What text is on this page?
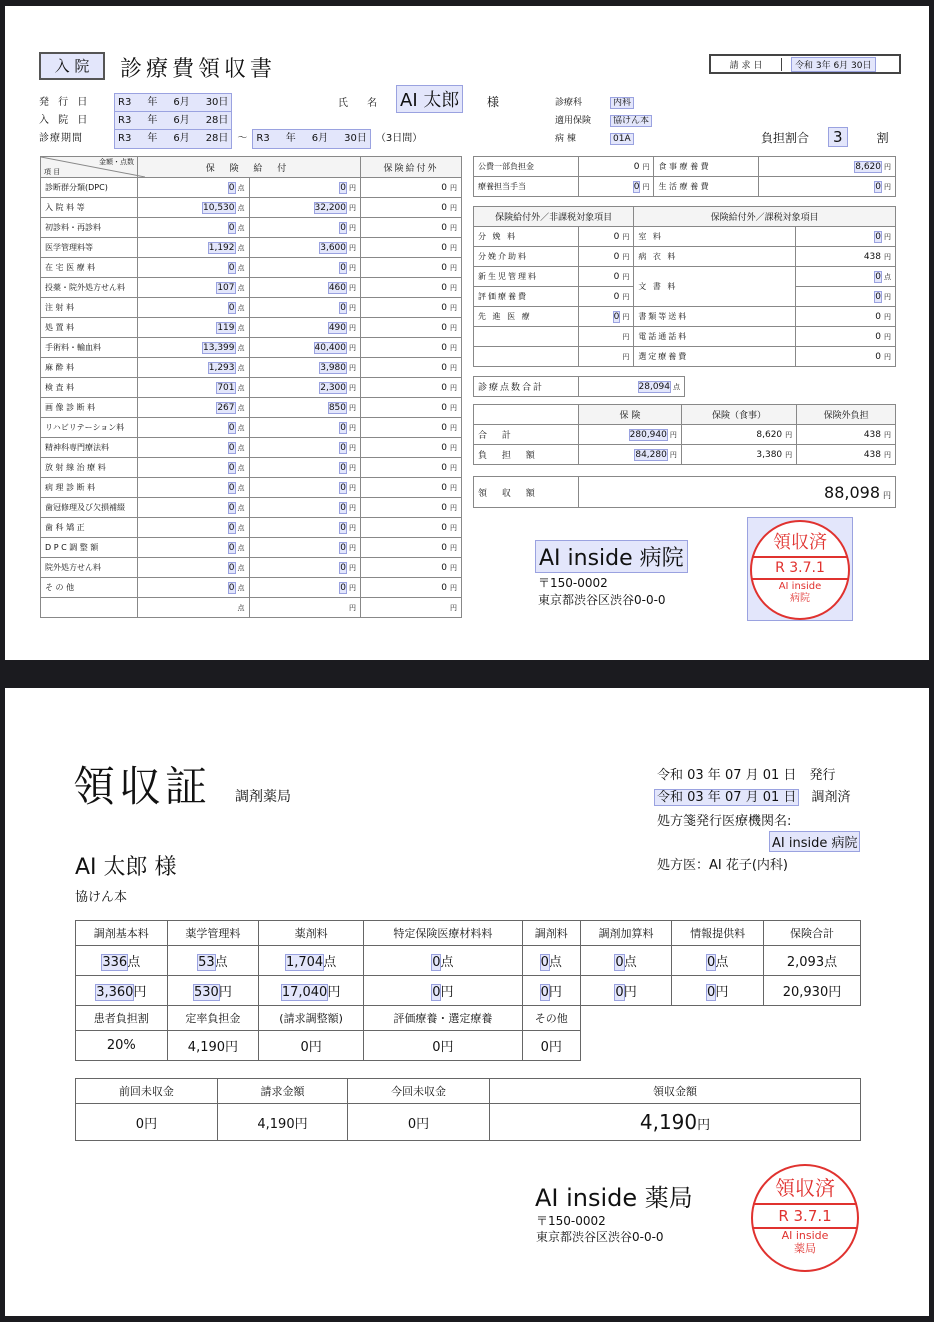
入 院	診療費領収書	請 求 日	令和 3年 6月 30日
発 行 日	R3 年 6月 30日
入 院 日	R3 年 6月 28日
診療期間	R3 年 6月 28日 ～ R3 年 6月 30日 （3日間）
氏 名 AI 太郎 様	診療科	内科
適用保険 協けん本
病 棟	01A	負担割合 3	割
金額・点数
項 目	保 険 給 付		保険給付外
診断群分類(DPC)	0 点	0 円	0 円
入 院 料 等	10,530 点	32,200 円	0 円
初診料・再診料	0 点	0 円	0 円
医学管理料等	1,192 点	3,600 円	0 円
在 宅 医 療 料	0 点	0 円	0 円
投薬・院外処方せん料	107 点	460 円	0 円
注 射 料	0 点	0 円	0 円
処 置 料	119 点	490 円	0 円
手術料・輸血料	13,399 点	40,400 円	0 円
麻 酔 料	1,293 点	3,980 円	0 円
検 査 料	701 点	2,300 円	0 円
画 像 診 断 料	267 点	850 円	0 円
リハビリテーション料	0 点	0 円	0 円
精神科専門療法料	0 点	0 円	0 円
放 射 線 治 療 料	0 点	0 円	0 円
病 理 診 断 料	0 点	0 円	0 円
歯冠修理及び欠損補綴	0 点	0 円	0 円
歯 科 矯 正	0 点	0 円	0 円
D P C 調 整 額	0 点	0 円	0 円
院外処方せん料	0 点	0 円	0 円
そ の 他	0 点	0 円	0 円
	点	円	円
公費一部負担金	0 円	食 事 療 養 費	8,620 円
療養担当手当	0 円	生 活 療 養 費	0 円
保険給付外／非課税対象項目		保険給付外／課税対象項目	
分 娩 料	0 円	室 料	0 円
分娩介助料	0 円	病 衣 料	438 円
新生児管理料	0 円	文 書 料	0 点
評価療養費	0 円		0 円
先 進 医 療	0 円	書類等送料	0 円
	円	電話通話料	0 円
	円	選定療養費	0 円
診療点数合計	28,094 点
	保 険	保険（食事）	保険外負担
合 計	280,940 円	8,620 円	438 円
負 担 額	84,280 円	3,380 円	438 円
領 収 額	88,098 円
AI inside 病院
〒150-0002
東京都渋谷区渋谷0-0-0
領収済
R 3.7.1
AI inside
病院
領収証 調剤薬局
令和 03 年 07 月 01 日　 発行
令和 03 年 07 月 01 日　 調剤済
処方箋発行医療機関名:
AI inside 病院
処方医：AI 花子(内科)
AI 太郎 様
協けん本
調剤基本料	薬学管理料	薬剤料	特定保険医療材料料	調剤料	調剤加算料	情報提供料	保険合計
336点	53点	1,704点	0点	0点	0点	0点	2,093点
3,360円	530円	17,040円	0円	0円	0円	0円	20,930円
患者負担割	定率負担金	(請求調整額)	評価療養・選定療養	その他			
20%	4,190円	0円	0円	0円			
前回未収金	請求金額	今回未収金	領収金額
0円	4,190円	0円	4,190円
AI inside 薬局
〒150-0002
東京都渋谷区渋谷0-0-0
領収済
R 3.7.1
AI inside
薬局
